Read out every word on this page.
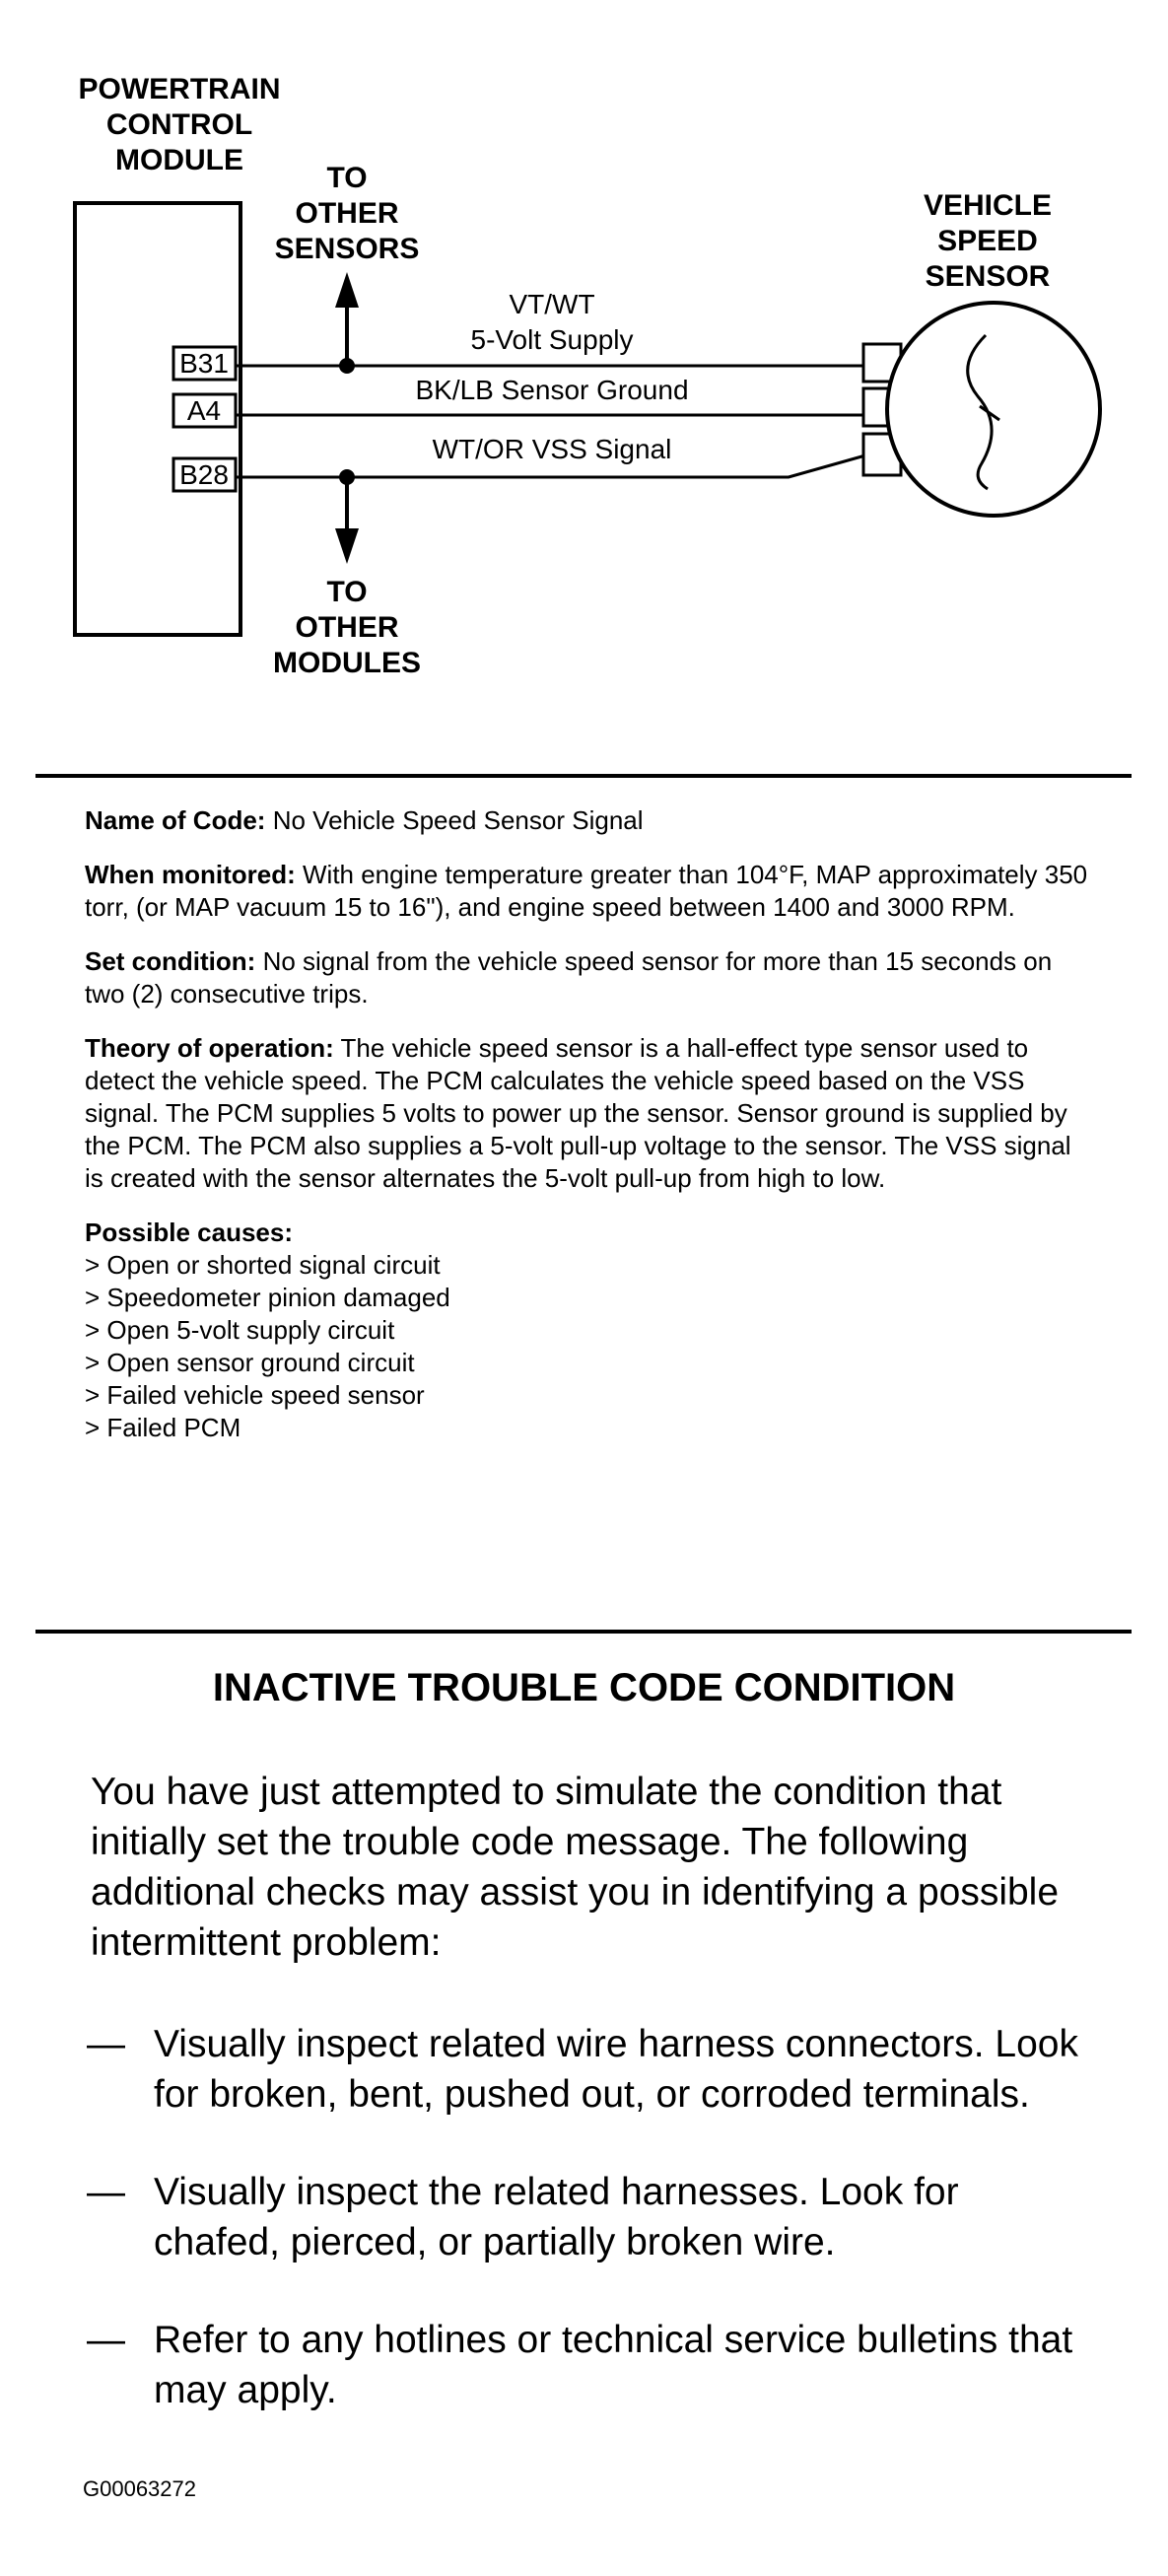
POWERTRAIN
CONTROL
MODULE
B31
A4
B28
VT/WT
5-Volt Supply
BK/LB Sensor Ground
WT/OR VSS Signal
TO
OTHER
SENSORS
TO
OTHER
MODULES
VEHICLE
SPEED
SENSOR

Name of Code: No Vehicle Speed Sensor Signal

When monitored: With engine temperature greater than 104°F, MAP approximately 350 torr, (or MAP vacuum 15 to 16"), and engine speed between 1400 and 3000 RPM.

Set condition: No signal from the vehicle speed sensor for more than 15 seconds on two (2) consecutive trips.

Theory of operation: The vehicle speed sensor is a hall-effect type sensor used to detect the vehicle speed. The PCM calculates the vehicle speed based on the VSS signal. The PCM supplies 5 volts to power up the sensor. Sensor ground is supplied by the PCM. The PCM also supplies a 5-volt pull-up voltage to the sensor. The VSS signal is created with the sensor alternates the 5-volt pull-up from high to low.

Possible causes:
> Open or shorted signal circuit
> Speedometer pinion damaged
> Open 5-volt supply circuit
> Open sensor ground circuit
> Failed vehicle speed sensor
> Failed PCM
INACTIVE TROUBLE CODE CONDITION
You have just attempted to simulate the condition that initially set the trouble code message. The following additional checks may assist you in identifying a possible intermittent problem:
— Visually inspect related wire harness connectors. Look for broken, bent, pushed out, or corroded terminals.
— Visually inspect the related harnesses. Look for chafed, pierced, or partially broken wire.
— Refer to any hotlines or technical service bulletins that may apply.
G00063272
